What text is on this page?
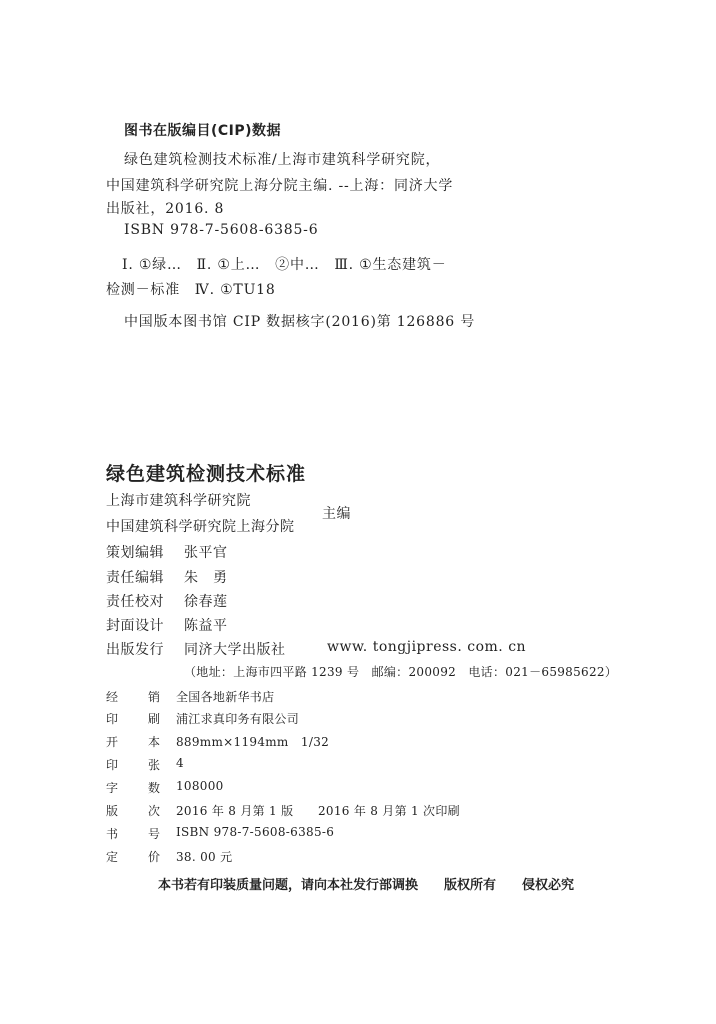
图书在版编目(CIP)数据
绿色建筑检测技术标准/上海市建筑科学研究院，
中国建筑科学研究院上海分院主编. --上海：同济大学
出版社，2016. 8
ISBN 978-7-5608-6385-6
Ⅰ. ①绿…　Ⅱ. ①上…　②中…　Ⅲ. ①生态建筑－
检测－标准　Ⅳ. ①TU18
中国版本图书馆 CIP 数据核字(2016)第 126886 号
绿色建筑检测技术标准
上海市建筑科学研究院
中国建筑科学研究院上海分院
主编
策划编辑 张平官
责任编辑 朱　勇
责任校对 徐春莲
封面设计 陈益平
出版发行 同济大学出版社	www. tongjipress. com. cn
（地址：上海市四平路 1239 号　邮编：200092　电话：021－65985622）
经 销 全国各地新华书店
印 刷 浦江求真印务有限公司
开 本 889mm×1194mm　1/32
印 张 4
字 数 108000
版 次 2016 年 8 月第 1 版　　2016 年 8 月第 1 次印刷
书 号 ISBN 978-7-5608-6385-6
定 价 38. 00 元
本书若有印装质量问题，请向本社发行部调换 版权所有 侵权必究
